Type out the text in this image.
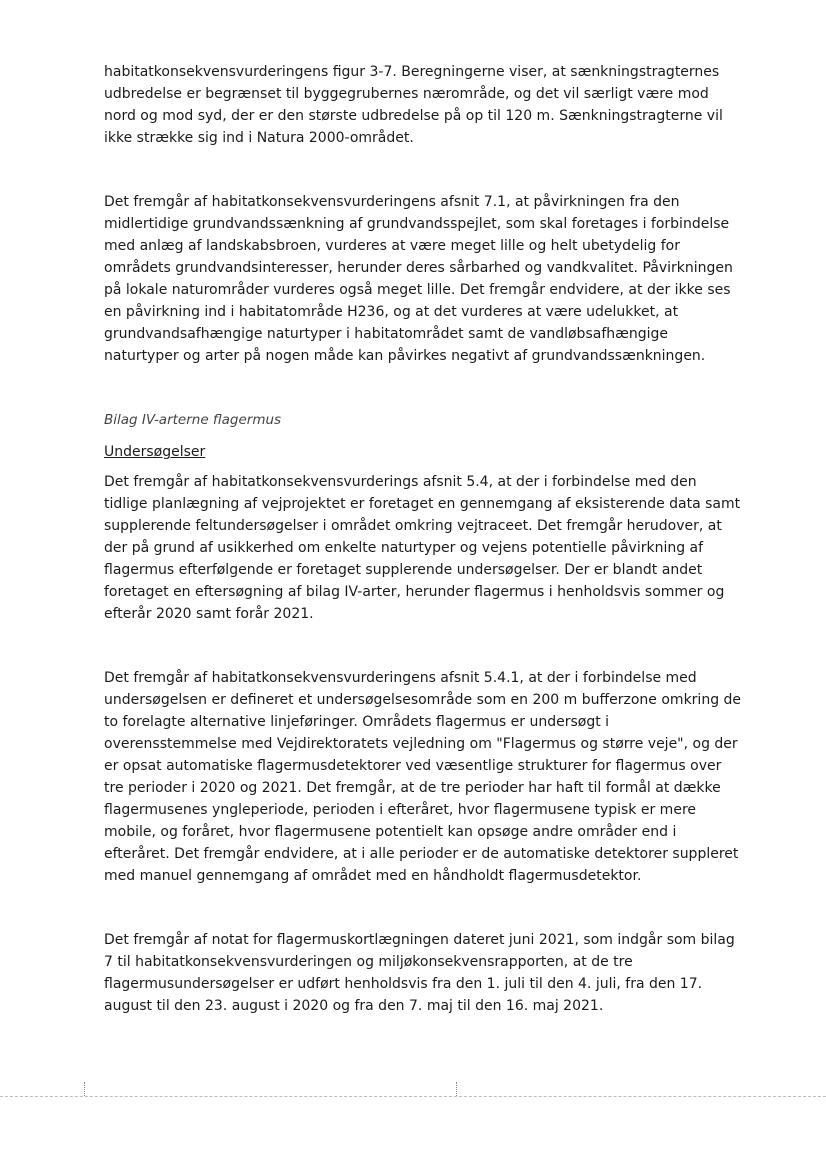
habitatkonsekvensvurderingens figur 3-7. Beregningerne viser, at sænkningstragternes udbredelse er begrænset til byggegrubernes nærområde, og det vil særligt være mod nord og mod syd, der er den største udbredelse på op til 120 m. Sænkningstragterne vil ikke strække sig ind i Natura 2000-området.

Det fremgår af habitatkonsekvensvurderingens afsnit 7.1, at påvirkningen fra den midlertidige grundvandssænkning af grundvandsspejlet, som skal foretages i forbindelse med anlæg af landskabsbroen, vurderes at være meget lille og helt ubetydelig for områdets grundvandsinteresser, herunder deres sårbarhed og vandkvalitet. Påvirkningen på lokale naturområder vurderes også meget lille. Det fremgår endvidere, at der ikke ses en påvirkning ind i habitatområde H236, og at det vurderes at være udelukket, at grundvandsafhængige naturtyper i habitatområdet samt de vandløbsafhængige naturtyper og arter på nogen måde kan påvirkes negativt af grundvandssænkningen.

Bilag IV-arterne flagermus

Undersøgelser

Det fremgår af habitatkonsekvensvurderings afsnit 5.4, at der i forbindelse med den tidlige planlægning af vejprojektet er foretaget en gennemgang af eksisterende data samt supplerende feltundersøgelser i området omkring vejtraceet. Det fremgår herudover, at der på grund af usikkerhed om enkelte naturtyper og vejens potentielle påvirkning af flagermus efterfølgende er foretaget supplerende undersøgelser. Der er blandt andet foretaget en eftersøgning af bilag IV-arter, herunder flagermus i henholdsvis sommer og efterår 2020 samt forår 2021.

Det fremgår af habitatkonsekvensvurderingens afsnit 5.4.1, at der i forbindelse med undersøgelsen er defineret et undersøgelsesområde som en 200 m bufferzone omkring de to forelagte alternative linjeføringer. Områdets flagermus er undersøgt i overensstemmelse med Vejdirektoratets vejledning om "Flagermus og større veje", og der er opsat automatiske flagermusdetektorer ved væsentlige strukturer for flagermus over tre perioder i 2020 og 2021. Det fremgår, at de tre perioder har haft til formål at dække flagermusenes yngleperiode, perioden i efteråret, hvor flagermusene typisk er mere mobile, og foråret, hvor flagermusene potentielt kan opsøge andre områder end i efteråret. Det fremgår endvidere, at i alle perioder er de automatiske detektorer suppleret med manuel gennemgang af området med en håndholdt flagermusdetektor.

Det fremgår af notat for flagermuskortlægningen dateret juni 2021, som indgår som bilag 7 til habitatkonsekvensvurderingen og miljøkonsekvensrapporten, at de tre flagermusundersøgelser er udført henholdsvis fra den 1. juli til den 4. juli, fra den 17. august til den 23. august i 2020 og fra den 7. maj til den 16. maj 2021.
